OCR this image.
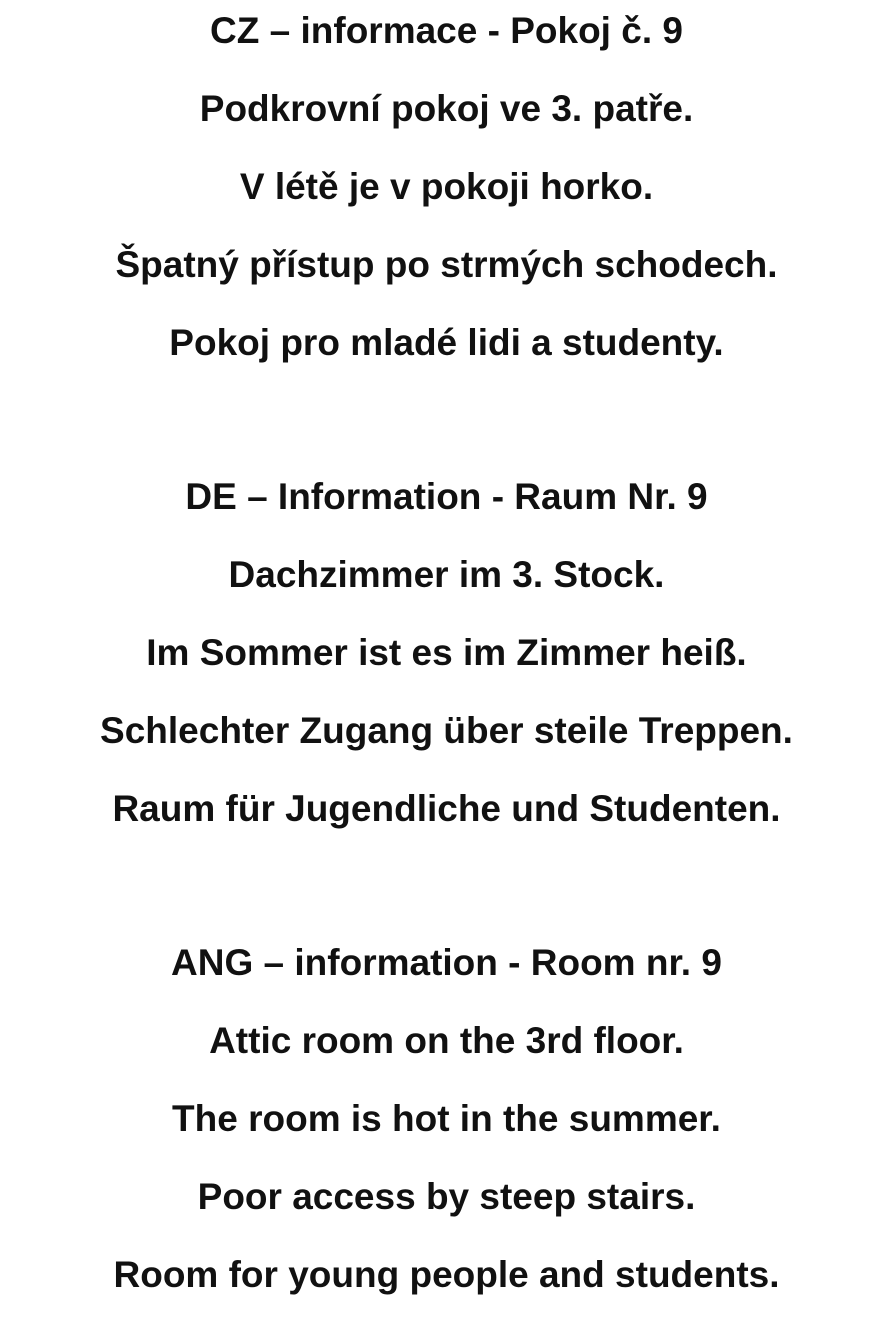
CZ – informace - Pokoj č. 9
Podkrovní pokoj ve 3. patře.
V létě je v pokoji horko.
Špatný přístup po strmých schodech.
Pokoj pro mladé lidi a studenty.
DE – Information - Raum Nr. 9
Dachzimmer im 3. Stock.
Im Sommer ist es im Zimmer heiß.
Schlechter Zugang über steile Treppen.
Raum für Jugendliche und Studenten.
ANG – information - Room nr. 9
Attic room on the 3rd floor.
The room is hot in the summer.
Poor access by steep stairs.
Room for young people and students.
